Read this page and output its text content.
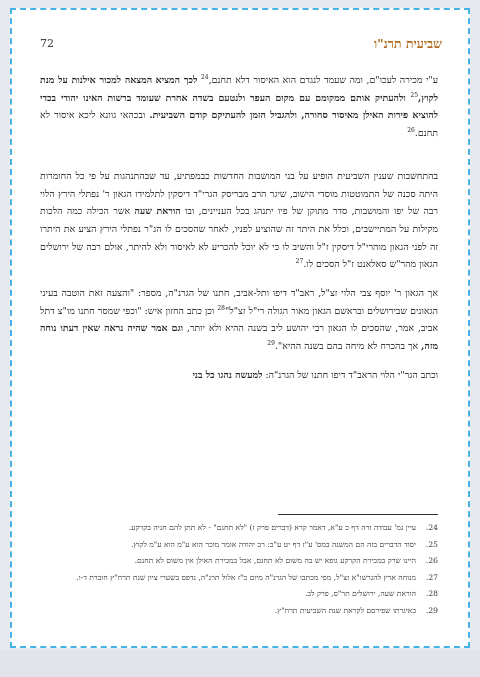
שביעית תרנ"ו
72

ע"י מכירה לעכו"ם, ומה שעמד לנגדם הוא האיסור דלא תחנם,$^{24}$ לכך המציא המצאה למכור אילנות על מנת לקוץ,$^{25}$ ולהעתיק אותם ממקומם עם מקום העפר ולנטעם בשדה אחרת שעומד ברשות האינו יהודי בכדי להוציא פירות האילן מאיסור סחורה, ולהגביל הזמן להעתיקם קודם השביעית. ובכהאי גוונא ליכא איסור לא תחנם.$^{26}$

בהתחשבות שענין השביעית הופיע על בני המושבות החדשות כבמפתיע, עד שבהתנהגות על פי כל החומרות היתה סכנה של התמוטטות מוסדי הישוב, שיגר הרב מבריסק הגרי"ד דיסקין לתלמידו הגאון ר' נפתלי הירץ הלוי רבה של יפו והמושבות, סדר מתוקן של פיו יתנהג בכל העניינים, ובו הוראת שעה אשר הכילה כמה הלכות מקילות על המתיישבים, וכלל את היתר זה שהוציע לפניו, לאחר שהסכים לו הג"ר נפתלי הירץ הציע את היתרו זה לפני הגאון מוהרי"ל דיסקין ז"ל והשיב לו כי לא יוכל להכריע לא לאיסור ולא להיתר, אולם רבה של ירושלים הגאון מהר"ש סאלאנט ז"ל הסכים לו.$^{27}$

אך הגאון ר' יוסף צבי הלוי זצ"ל, ראב"ד דיפו ותל-אביב, חתנו של הגרנ"ה, מספר: "והצעה זאת הוטבה בעיני הגאונים שבירושלים ובראשם הגאון מאור הגולה רי"ל זצ"ל"$^{28}$ וכן כתב החזון איש: "וכפי שמסר חתנו מו"צ דתל אביב, אמר, שהסכים לו הגאון רבי יהושע ליב בשנה ההיא ולא יותר, וגם אמר שהיה נראה שאין דעתו נוחה מזה, אך בהכרח לא מיחה בהם בשנה ההיא".$^{29}$

וכתב הגר"י הלוי הראב"ד דיפו חתנו של הגרנ"ה: למעשה נהגו כל בני

24.
עיין גמ' עבודה זרה דף כ ע"א, דאמר קרא (דברים פרק ז) "לא תחנם" - לא תתן להם חניה בקרקע.
25.
יסוד הדברים בזה הם המשנה במס' ע"ז דף יט ע"ב: רב יהודה אומר מוכר הוא ע"מ הוא ע"מ לקוץ.
26.
היינו שרק במכירת הקרקע גופא יש בה משום לא תחנם, אבל במכירת האילן אין משום לא תחנם.
27.
מנוחה ארץ להגרשו"א זצ"ל, מפי מכתבו של הגרנ"ה מיום כ"ז אלול תרנ"ה, נדפס בשערי ציון שנת תרח"ץ חוברת ד-ו.
28.
הוראת שעה, ירושלים תר"ס, פרק לב.
29.
באיגרתו שפירסם לקראת שנת השביעית תרח"ץ.
